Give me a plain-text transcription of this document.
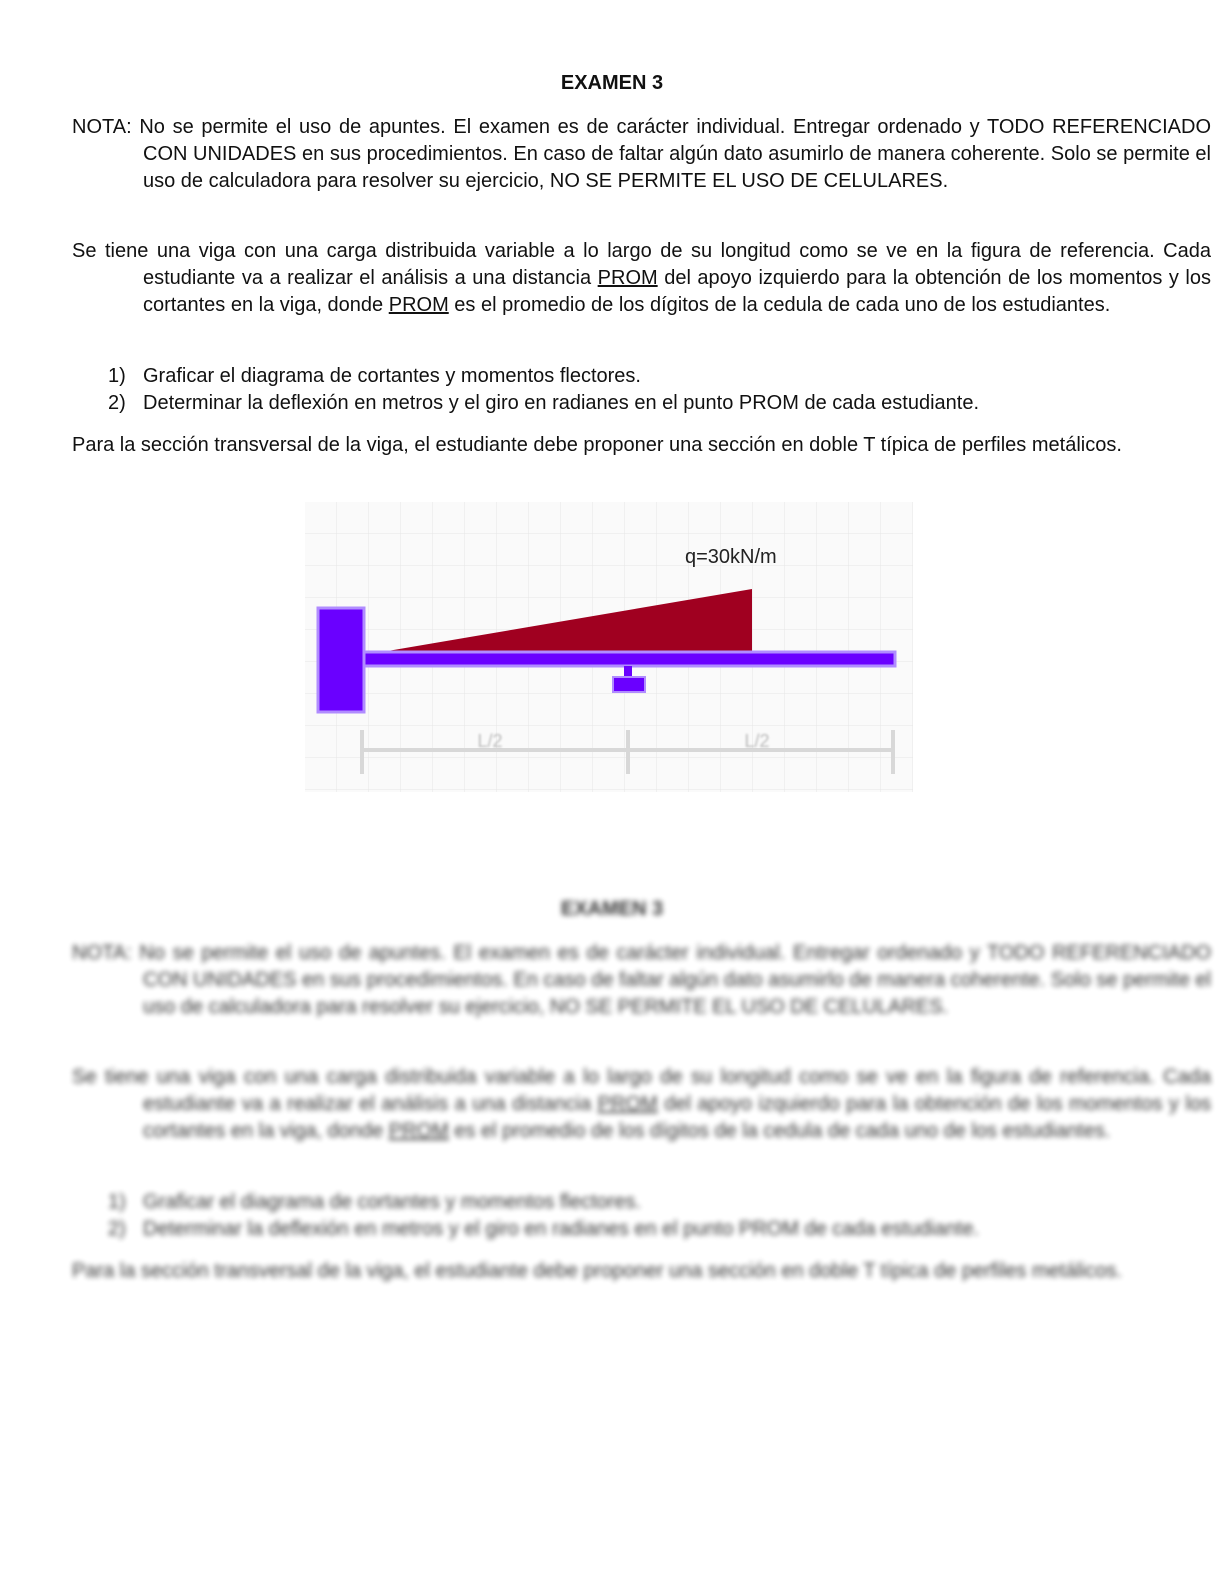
EXAMEN 3
NOTA: No se permite el uso de apuntes. El examen es de carácter individual. Entregar ordenado y TODO REFERENCIADO CON UNIDADES en sus procedimientos. En caso de faltar algún dato asumirlo de manera coherente. Solo se permite el uso de calculadora para resolver su ejercicio, NO SE PERMITE EL USO DE CELULARES.
Se tiene una viga con una carga distribuida variable a lo largo de su longitud como se ve en la figura de referencia. Cada estudiante va a realizar el análisis a una distancia PROM del apoyo izquierdo para la obtención de los momentos y los cortantes en la viga, donde PROM es el promedio de los dígitos de la cedula de cada uno de los estudiantes.
1) Graficar el diagrama de cortantes y momentos flectores.
2) Determinar la deflexión en metros y el giro en radianes en el punto PROM de cada estudiante.
Para la sección transversal de la viga, el estudiante debe proponer una sección en doble T típica de perfiles metálicos.
EXAMEN 3
NOTA: No se permite el uso de apuntes. El examen es de carácter individual. Entregar ordenado y TODO REFERENCIADO CON UNIDADES en sus procedimientos. En caso de faltar algún dato asumirlo de manera coherente. Solo se permite el uso de calculadora para resolver su ejercicio, NO SE PERMITE EL USO DE CELULARES.
Se tiene una viga con una carga distribuida variable a lo largo de su longitud como se ve en la figura de referencia. Cada estudiante va a realizar el análisis a una distancia PROM del apoyo izquierdo para la obtención de los momentos y los cortantes en la viga, donde PROM es el promedio de los dígitos de la cedula de cada uno de los estudiantes.
1) Graficar el diagrama de cortantes y momentos flectores.
2) Determinar la deflexión en metros y el giro en radianes en el punto PROM de cada estudiante.
Para la sección transversal de la viga, el estudiante debe proponer una sección en doble T típica de perfiles metálicos.
q=30kN/m
L/2	L/2
